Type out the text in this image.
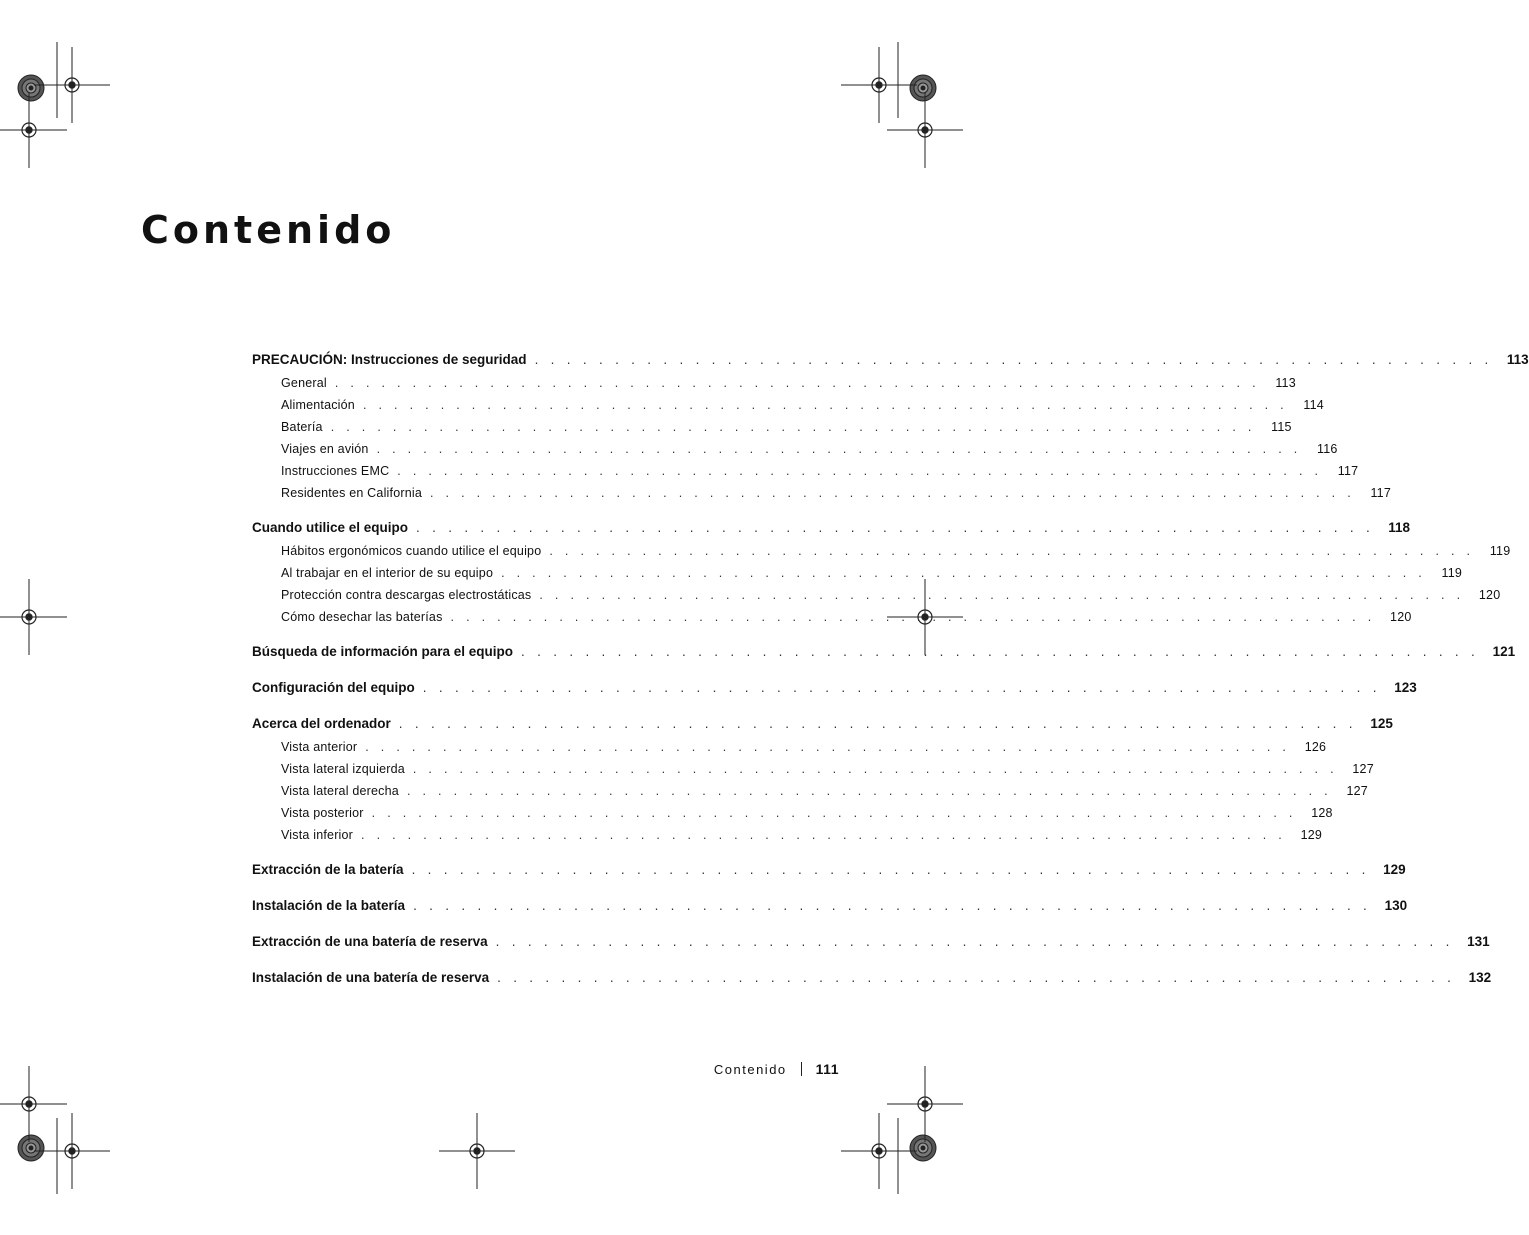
Contenido
PRECAUCIÓN: Instrucciones de seguridad . . . . . . . . . . . . . . . . . . . . . . . . . . . . . . . . . . . . . . . . . . . . . . . . . . . . . . . . . . . .	113
General . . . . . . . . . . . . . . . . . . . . . . . . . . . . . . . . . . . . . . . . . . . . . . . . . . . . . . . . . . . .	113
Alimentación . . . . . . . . . . . . . . . . . . . . . . . . . . . . . . . . . . . . . . . . . . . . . . . . . . . . . . . . . . . .	114
Batería . . . . . . . . . . . . . . . . . . . . . . . . . . . . . . . . . . . . . . . . . . . . . . . . . . . . . . . . . . . .	115
Viajes en avión . . . . . . . . . . . . . . . . . . . . . . . . . . . . . . . . . . . . . . . . . . . . . . . . . . . . . . . . . . . .	116
Instrucciones EMC . . . . . . . . . . . . . . . . . . . . . . . . . . . . . . . . . . . . . . . . . . . . . . . . . . . . . . . . . . . .	117
Residentes en California . . . . . . . . . . . . . . . . . . . . . . . . . . . . . . . . . . . . . . . . . . . . . . . . . . . . . . . . . . . .	117
Cuando utilice el equipo . . . . . . . . . . . . . . . . . . . . . . . . . . . . . . . . . . . . . . . . . . . . . . . . . . . . . . . . . . . .	118
Hábitos ergonómicos cuando utilice el equipo . . . . . . . . . . . . . . . . . . . . . . . . . . . . . . . . . . . . . . . . . . . . . . . . . . . . . . . . . . . .	119
Al trabajar en el interior de su equipo . . . . . . . . . . . . . . . . . . . . . . . . . . . . . . . . . . . . . . . . . . . . . . . . . . . . . . . . . . . .	119
Protección contra descargas electrostáticas . . . . . . . . . . . . . . . . . . . . . . . . . . . . . . . . . . . . . . . . . . . . . . . . . . . . . . . . . . . .	120
Cómo desechar las baterías . . . . . . . . . . . . . . . . . . . . . . . . . . . . . . . . . . . . . . . . . . . . . . . . . . . . . . . . . . . .	120
Búsqueda de información para el equipo . . . . . . . . . . . . . . . . . . . . . . . . . . . . . . . . . . . . . . . . . . . . . . . . . . . . . . . . . . . . 121
Configuración del equipo . . . . . . . . . . . . . . . . . . . . . . . . . . . . . . . . . . . . . . . . . . . . . . . . . . . . . . . . . . . . 123
Acerca del ordenador . . . . . . . . . . . . . . . . . . . . . . . . . . . . . . . . . . . . . . . . . . . . . . . . . . . . . . . . . . . . 125
Vista anterior . . . . . . . . . . . . . . . . . . . . . . . . . . . . . . . . . . . . . . . . . . . . . . . . . . . . . . . . . . . .	126
Vista lateral izquierda . . . . . . . . . . . . . . . . . . . . . . . . . . . . . . . . . . . . . . . . . . . . . . . . . . . . . . . . . . . .	127
Vista lateral derecha . . . . . . . . . . . . . . . . . . . . . . . . . . . . . . . . . . . . . . . . . . . . . . . . . . . . . . . . . . . .	127
Vista posterior . . . . . . . . . . . . . . . . . . . . . . . . . . . . . . . . . . . . . . . . . . . . . . . . . . . . . . . . . . . .	128
Vista inferior . . . . . . . . . . . . . . . . . . . . . . . . . . . . . . . . . . . . . . . . . . . . . . . . . . . . . . . . . . . .	129
Extracción de la batería . . . . . . . . . . . . . . . . . . . . . . . . . . . . . . . . . . . . . . . . . . . . . . . . . . . . . . . . . . . . 129
Instalación de la batería . . . . . . . . . . . . . . . . . . . . . . . . . . . . . . . . . . . . . . . . . . . . . . . . . . . . . . . . . . . . 130
Extracción de una batería de reserva . . . . . . . . . . . . . . . . . . . . . . . . . . . . . . . . . . . . . . . . . . . . . . . . . . . . . . . . . . . . 131
Instalación de una batería de reserva . . . . . . . . . . . . . . . . . . . . . . . . . . . . . . . . . . . . . . . . . . . . . . . . . . . . . . . . . . . . 132
Contenido 111
